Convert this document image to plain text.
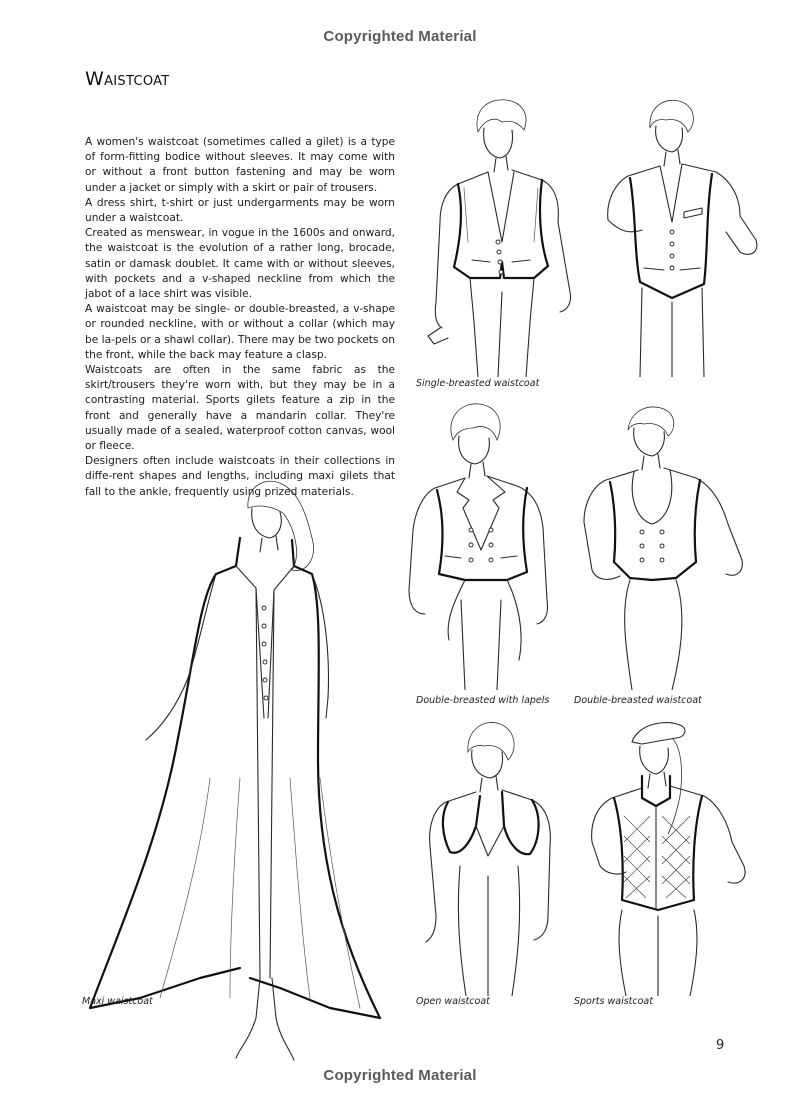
Copyrighted Material
Waistcoat

A women's waistcoat (sometimes called a gilet) is a type of form-fitting bodice without sleeves. It may come with or without a front button fastening and may be worn under a jacket or simply with a skirt or pair of trousers.

A dress shirt, t-shirt or just undergarments may be worn under a waistcoat.

Created as menswear, in vogue in the 1600s and onward, the waistcoat is the evolution of a rather long, brocade, satin or damask doublet. It came with or without sleeves, with pockets and a v-shaped neckline from which the jabot of a lace shirt was visible.

A waistcoat may be single- or double-breasted, a v-shape or rounded neckline, with or without a collar (which may be la-pels or a shawl collar). There may be two pockets on the front, while the back may feature a clasp.

Waistcoats are often in the same fabric as the skirt/trousers they're worn with, but they may be in a contrasting material. Sports gilets feature a zip in the front and generally have a mandarin collar. They're usually made of a sealed, waterproof cotton canvas, wool or fleece.

Designers often include waistcoats in their collections in diffe-rent shapes and lengths, including maxi gilets that fall to the ankle, frequently using prized materials.

Single-breasted waistcoat
Double-breasted with lapels	Double-breasted waistcoat
Maxi waistcoat	Open waistcoat	Sports waistcoat
9
Copyrighted Material
